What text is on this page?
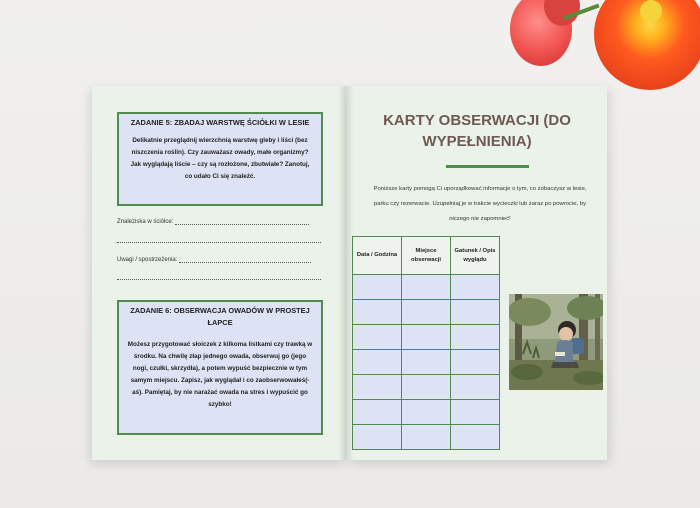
ZADANIE 5: ZBADAJ WARSTWĘ ŚCIÓŁKI W LESIE
Delikatnie przeglądnij wierzchnią warstwę gleby i liści (bez niszczenia roślin). Czy zauważasz owady, małe organizmy? Jak wyglądają liście – czy są rozłożone, zbutwiałe? Zanotuj, co udało Ci się znaleźć.
Znaleziska w ściółce:
Uwagi / spostrzeżenia:
ZADANIE 6: OBSERWACJA OWADÓW W PROSTEJ ŁAPCE
Możesz przygotować słoiczek z kilkoma listkami czy trawką w środku. Na chwilę złap jednego owada, obserwuj go (jego nogi, czułki, skrzydła), a potem wypuść bezpiecznie w tym samym miejscu. Zapisz, jak wyglądał i co zaobserwowałeś(-aś). Pamiętaj, by nie narażać owada na stres i wypuścić go szybko!
KARTY OBSERWACJI (DO WYPEŁNIENIA)
Poniższe karty pomogą Ci uporządkować informacje o tym, co zobaczysz w lesie, parku czy rezerwacie. Uzupełniaj je w trakcie wycieczki lub zaraz po powrocie, by niczego nie zapomnieć!
Data / Godzina	Miejsce obserwacji	Gatunek / Opis wyglądu
